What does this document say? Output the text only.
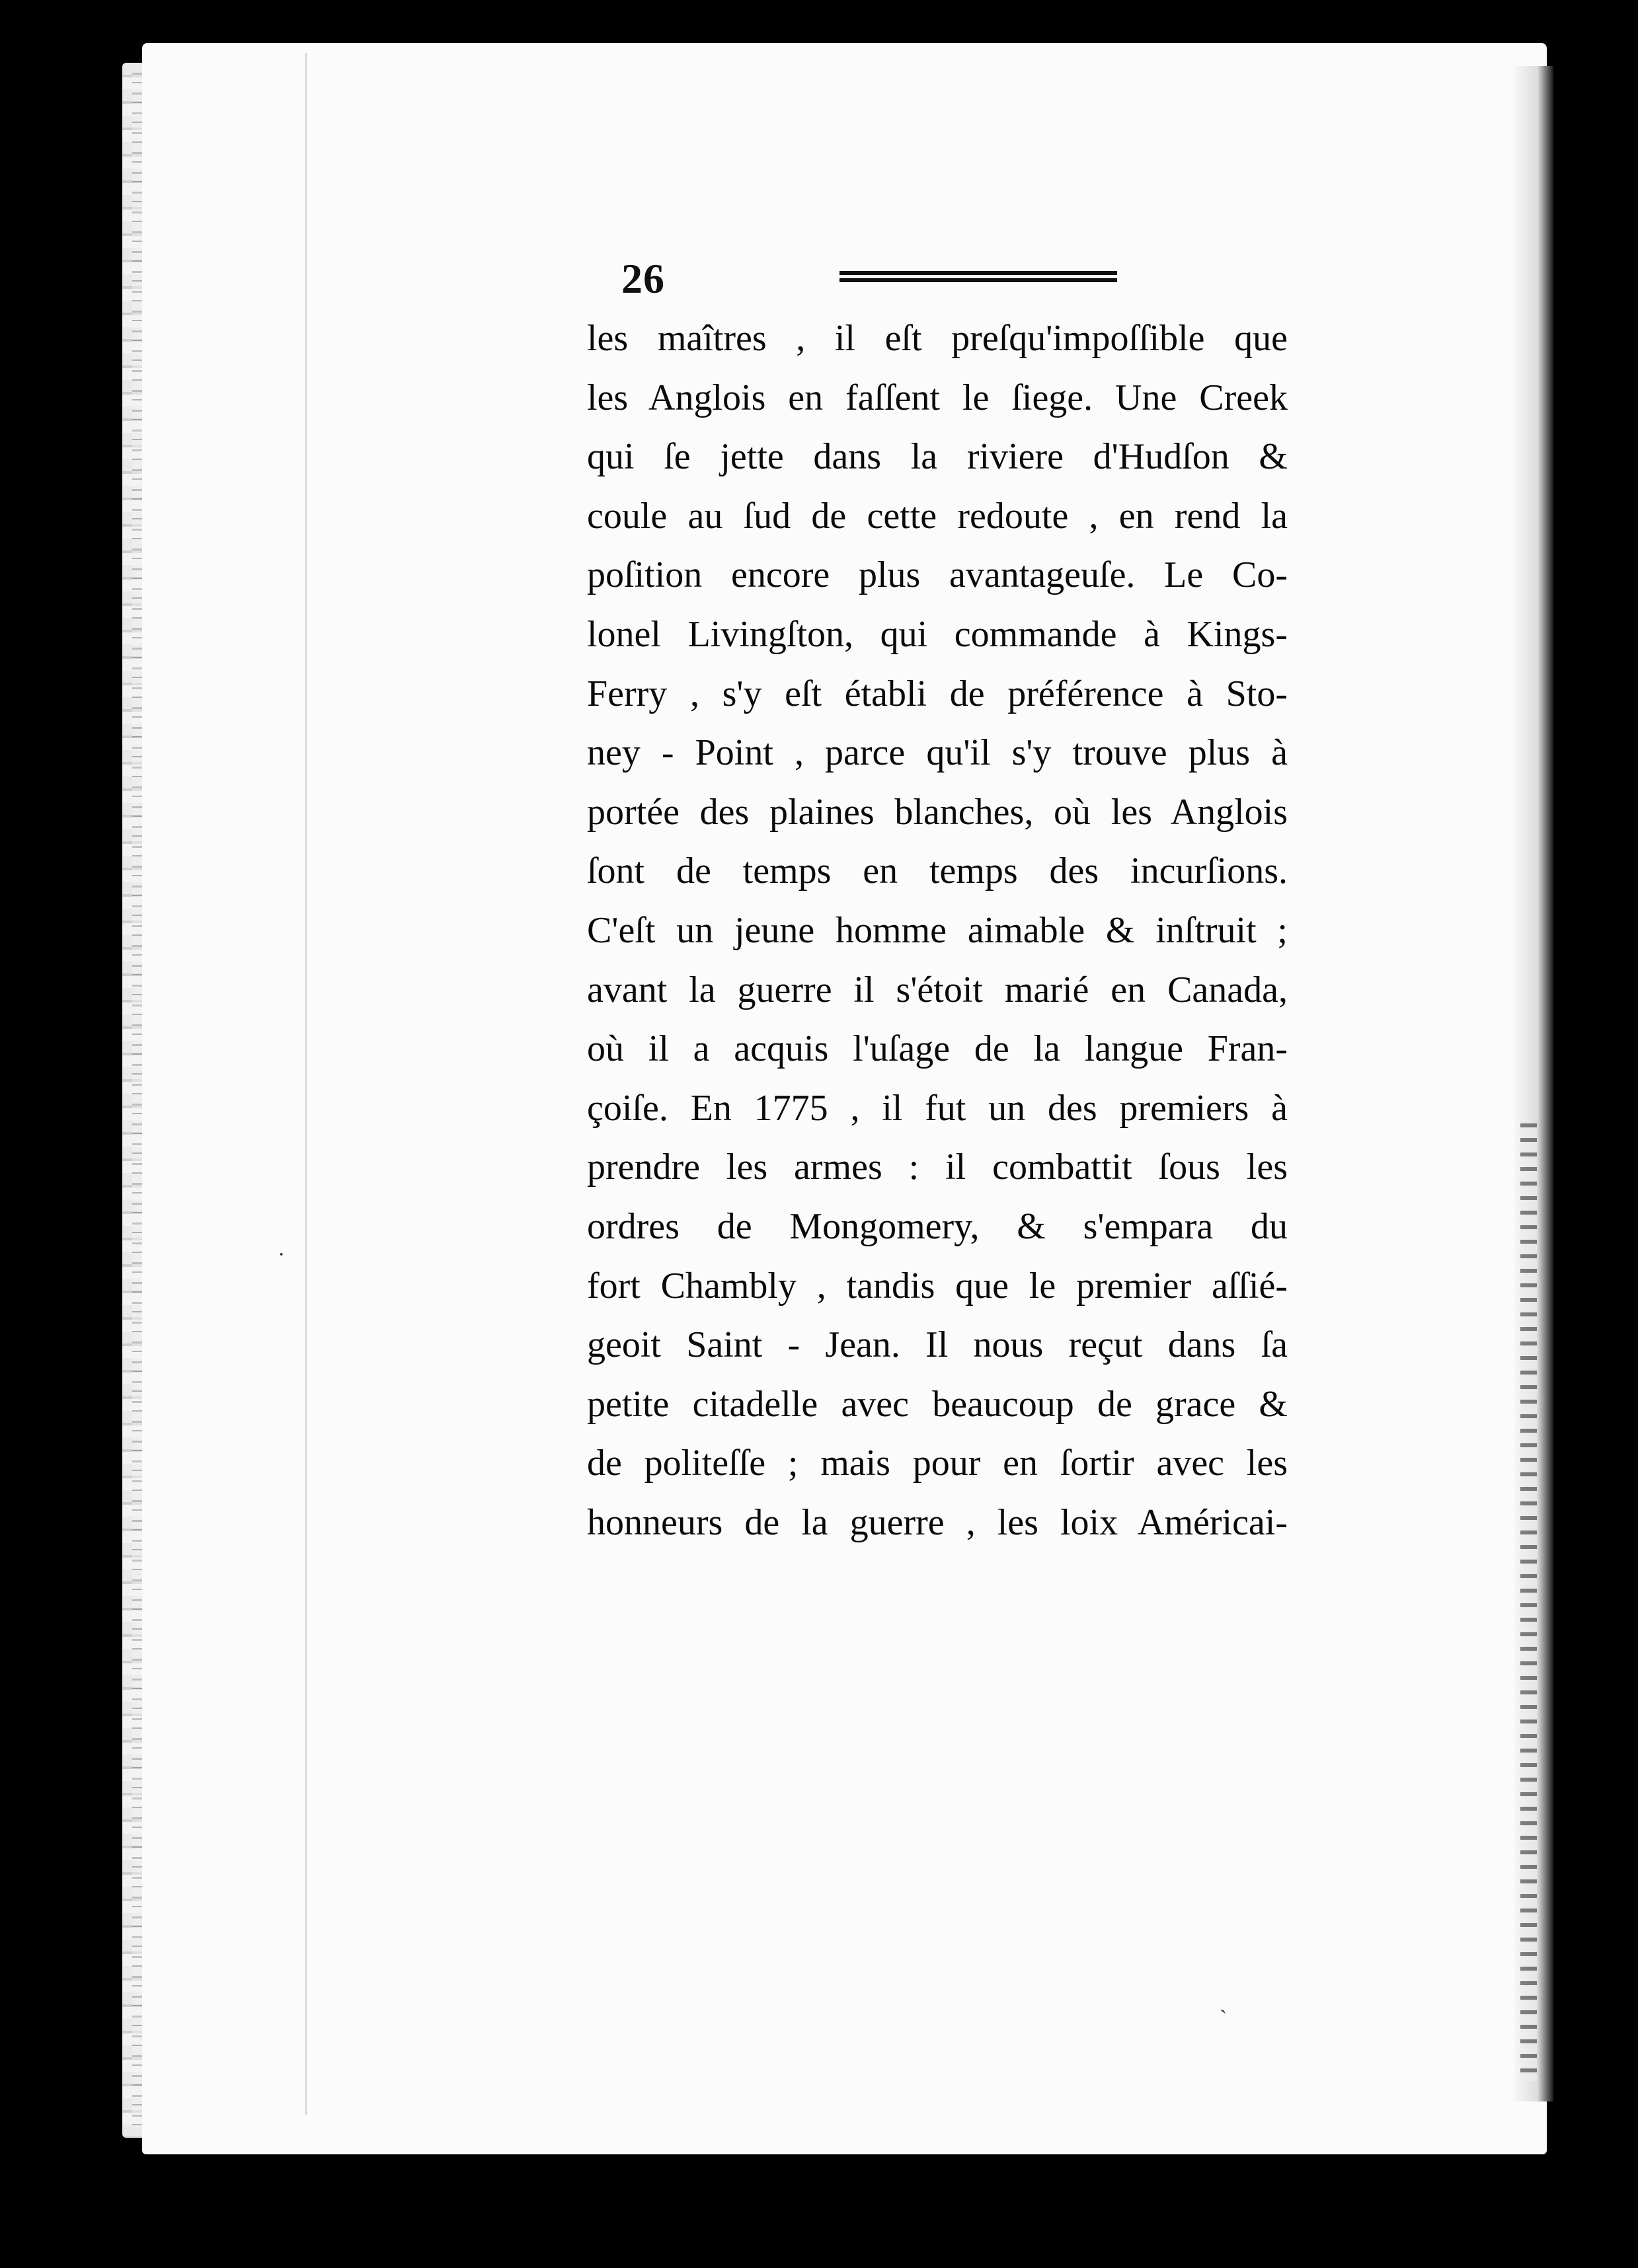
26
les maîtres , il eſt preſqu'impoſſible que
les Anglois en faſſent le ſiege. Une Creek
qui ſe jette dans la riviere d'Hudſon &
coule au ſud de cette redoute , en rend la
poſition encore plus avantageuſe. Le Co-
lonel Livingſton, qui commande à Kings-
Ferry , s'y eſt établi de préférence à Sto-
ney - Point , parce qu'il s'y trouve plus à
portée des plaines blanches, où les Anglois
ſont de temps en temps des incurſions.
C'eſt un jeune homme aimable & inſtruit ;
avant la guerre il s'étoit marié en Canada,
où il a acquis l'uſage de la langue Fran-
çoiſe. En 1775 , il fut un des premiers à
prendre les armes : il combattit ſous les
ordres de Mongomery, & s'empara du
fort Chambly , tandis que le premier aſſié-
geoit Saint - Jean. Il nous reçut dans ſa
petite citadelle avec beaucoup de grace &
de politeſſe ; mais pour en ſortir avec les
honneurs de la guerre , les loix Américai-
·
ˎ
